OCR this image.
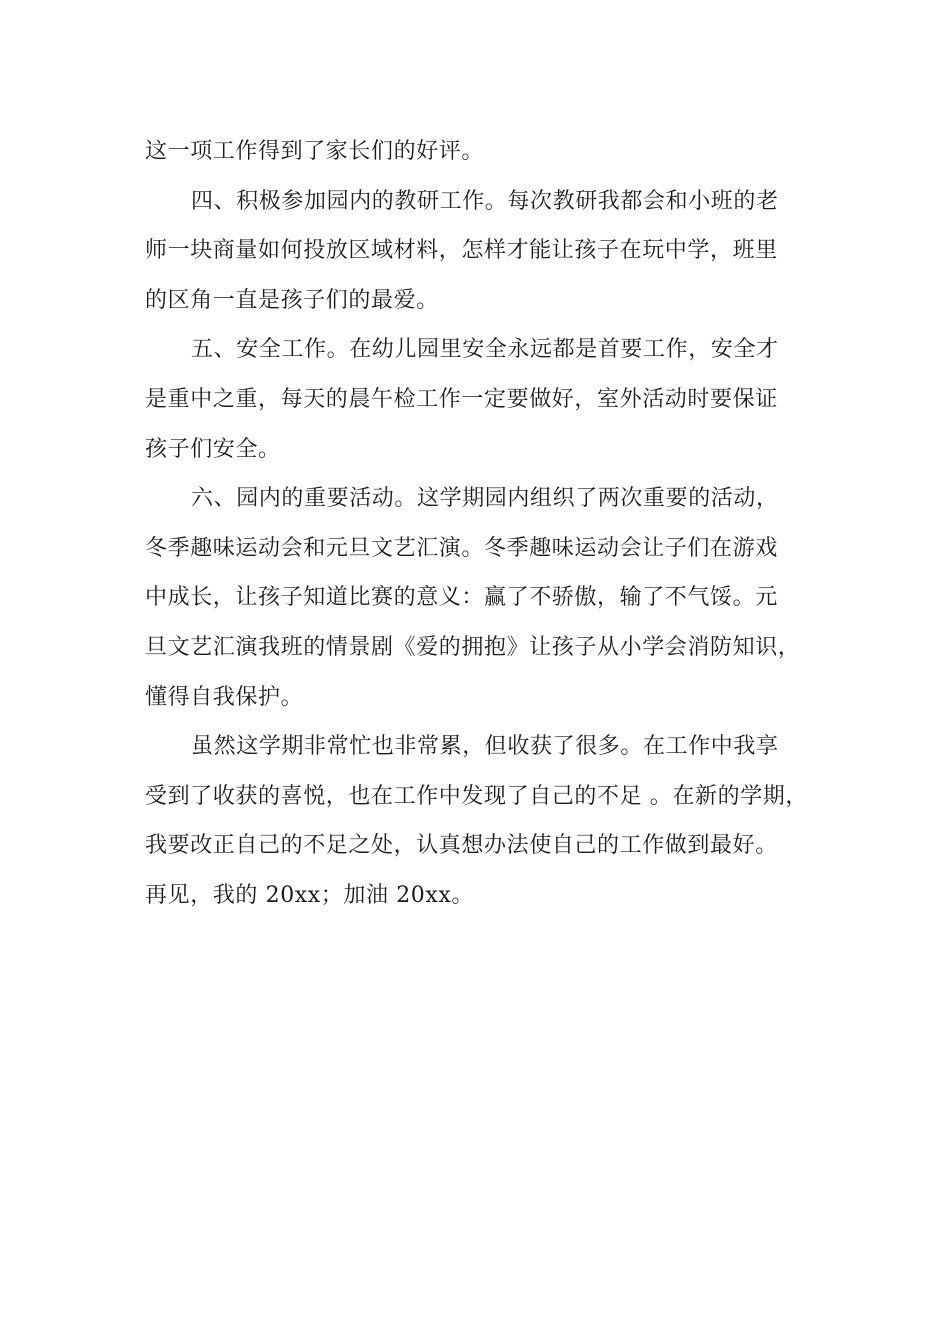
这一项工作得到了家长们的好评。

四、积极参加园内的教研工作。每次教研我都会和小班的老
师一块商量如何投放区域材料，怎样才能让孩子在玩中学，班里
的区角一直是孩子们的最爱。

五、安全工作。在幼儿园里安全永远都是首要工作，安全才
是重中之重，每天的晨午检工作一定要做好，室外活动时要保证
孩子们安全。

六、园内的重要活动。这学期园内组织了两次重要的活动，
冬季趣味运动会和元旦文艺汇演。冬季趣味运动会让子们在游戏
中成长，让孩子知道比赛的意义：赢了不骄傲，输了不气馁。元
旦文艺汇演我班的情景剧《爱的拥抱》让孩子从小学会消防知识，
懂得自我保护。

虽然这学期非常忙也非常累，但收获了很多。在工作中我享
受到了收获的喜悦，也在工作中发现了自己的不足 。在新的学期，
我要改正自己的不足之处，认真想办法使自己的工作做到最好。
再见，我的 20xx；加油 20xx。
